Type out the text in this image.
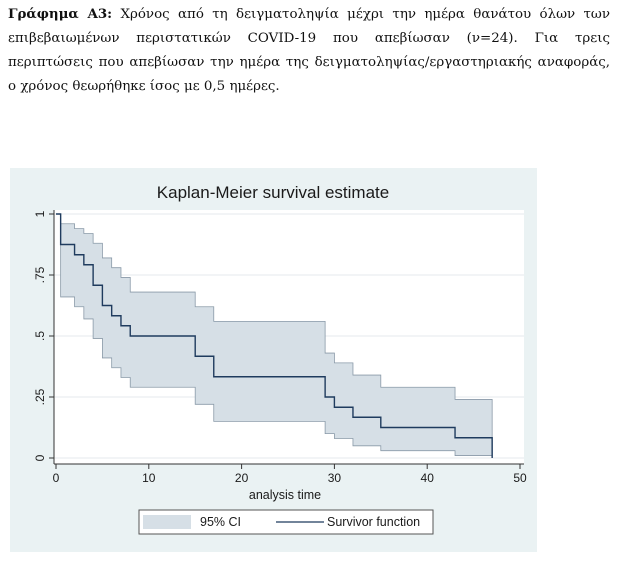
Γράφημα Α3: Χρόνος από τη δειγματοληψία μέχρι την ημέρα θανάτου όλων των επιβεβαιωμένων περιστατικών COVID-19 που απεβίωσαν (ν=24). Για τρεις περιπτώσεις που απεβίωσαν την ημέρα της δειγματοληψίας/εργαστηριακής αναφοράς, ο χρόνος θεωρήθηκε ίσος με 0,5 ημέρες.
Kaplan-Meier survival estimate
0	10	20	30	40	50
0
.25
.5
.75
1
analysis time
95% CI	Survivor function
